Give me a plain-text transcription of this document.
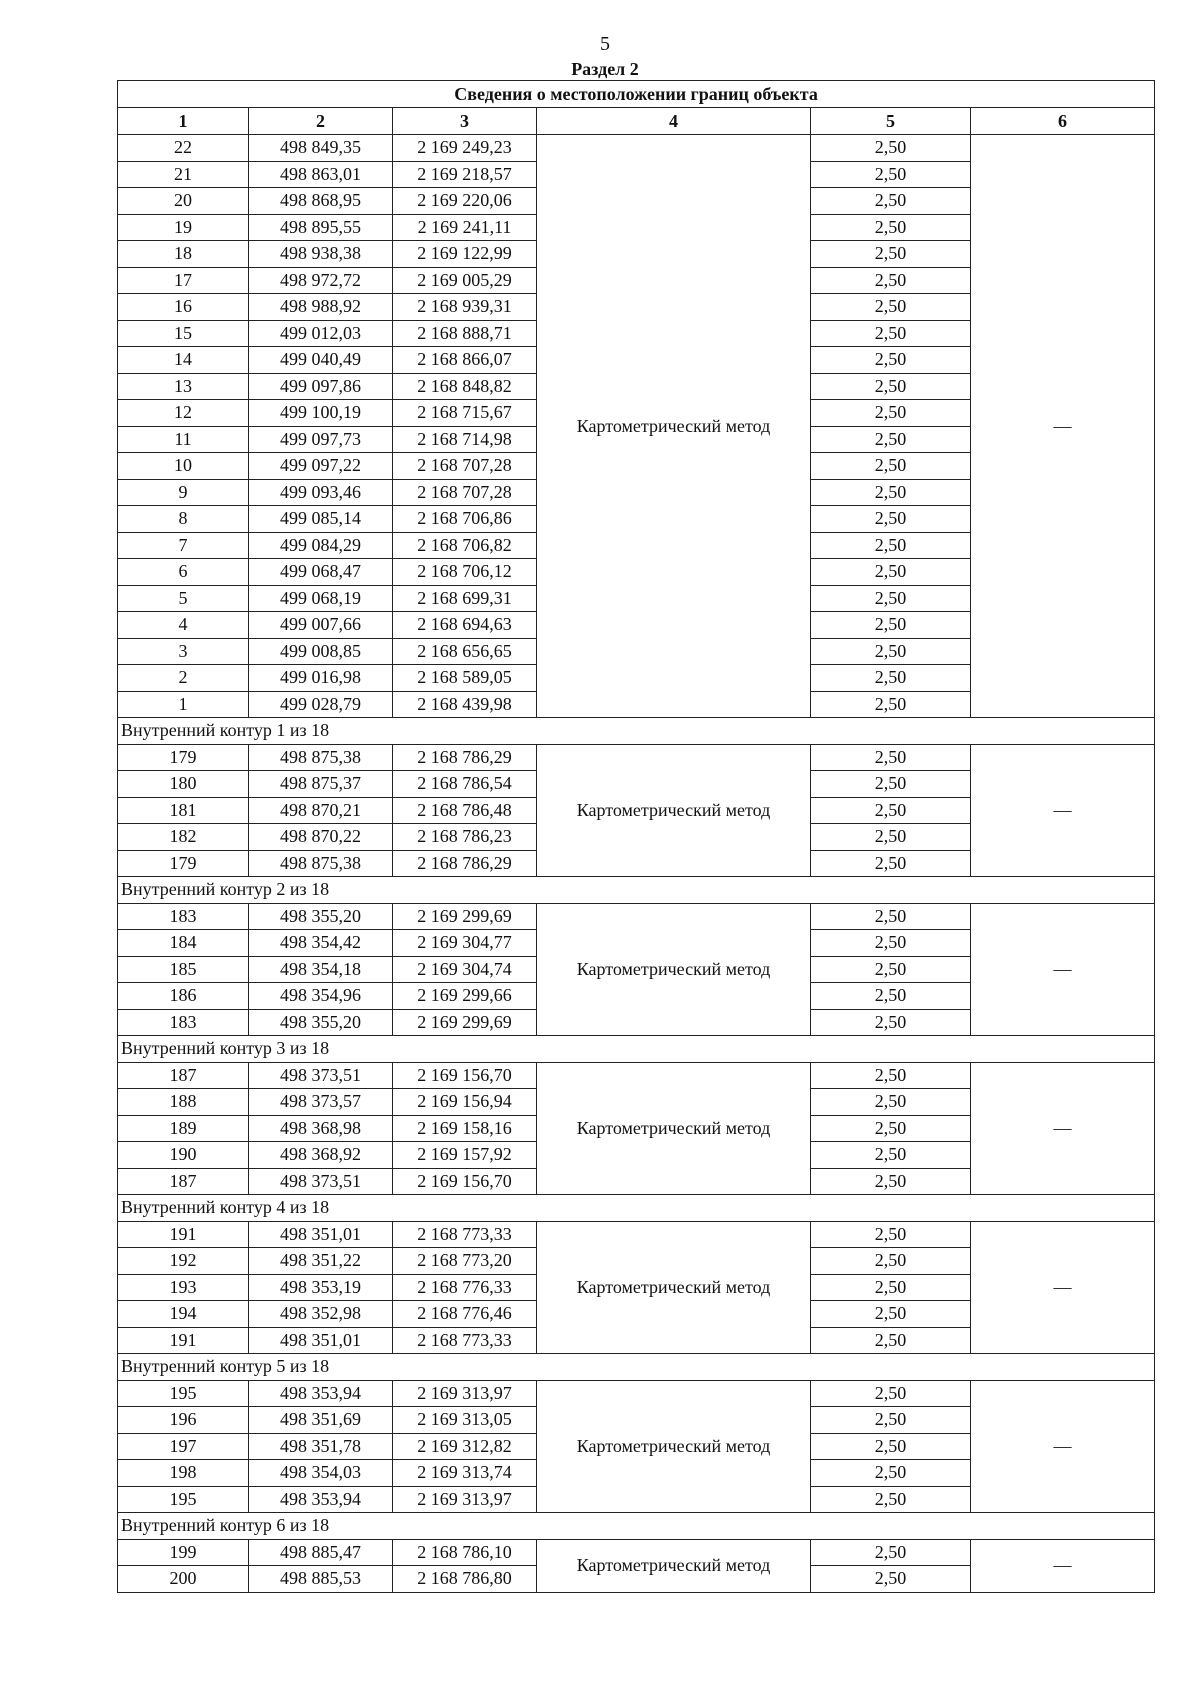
5
Раздел 2
Сведения о местоположении границ объекта					
1	2	3	4	5	6
22	498 849,35	2 169 249,23	Картометрический метод	2,50	—
21	498 863,01	2 169 218,57		2,50	
20	498 868,95	2 169 220,06		2,50	
19	498 895,55	2 169 241,11		2,50	
18	498 938,38	2 169 122,99		2,50	
17	498 972,72	2 169 005,29		2,50	
16	498 988,92	2 168 939,31		2,50	
15	499 012,03	2 168 888,71		2,50	
14	499 040,49	2 168 866,07		2,50	
13	499 097,86	2 168 848,82		2,50	
12	499 100,19	2 168 715,67		2,50	
11	499 097,73	2 168 714,98		2,50	
10	499 097,22	2 168 707,28		2,50	
9	499 093,46	2 168 707,28		2,50	
8	499 085,14	2 168 706,86		2,50	
7	499 084,29	2 168 706,82		2,50	
6	499 068,47	2 168 706,12		2,50	
5	499 068,19	2 168 699,31		2,50	
4	499 007,66	2 168 694,63		2,50	
3	499 008,85	2 168 656,65		2,50	
2	499 016,98	2 168 589,05		2,50	
1	499 028,79	2 168 439,98		2,50	
Внутренний контур 1 из 18					
179	498 875,38	2 168 786,29	Картометрический метод	2,50	—
180	498 875,37	2 168 786,54		2,50	
181	498 870,21	2 168 786,48		2,50	
182	498 870,22	2 168 786,23		2,50	
179	498 875,38	2 168 786,29		2,50	
Внутренний контур 2 из 18					
183	498 355,20	2 169 299,69	Картометрический метод	2,50	—
184	498 354,42	2 169 304,77		2,50	
185	498 354,18	2 169 304,74		2,50	
186	498 354,96	2 169 299,66		2,50	
183	498 355,20	2 169 299,69		2,50	
Внутренний контур 3 из 18					
187	498 373,51	2 169 156,70	Картометрический метод	2,50	—
188	498 373,57	2 169 156,94		2,50	
189	498 368,98	2 169 158,16		2,50	
190	498 368,92	2 169 157,92		2,50	
187	498 373,51	2 169 156,70		2,50	
Внутренний контур 4 из 18					
191	498 351,01	2 168 773,33	Картометрический метод	2,50	—
192	498 351,22	2 168 773,20		2,50	
193	498 353,19	2 168 776,33		2,50	
194	498 352,98	2 168 776,46		2,50	
191	498 351,01	2 168 773,33		2,50	
Внутренний контур 5 из 18					
195	498 353,94	2 169 313,97	Картометрический метод	2,50	—
196	498 351,69	2 169 313,05		2,50	
197	498 351,78	2 169 312,82		2,50	
198	498 354,03	2 169 313,74		2,50	
195	498 353,94	2 169 313,97		2,50	
Внутренний контур 6 из 18					
199	498 885,47	2 168 786,10	Картометрический метод	2,50	—
200	498 885,53	2 168 786,80		2,50	
